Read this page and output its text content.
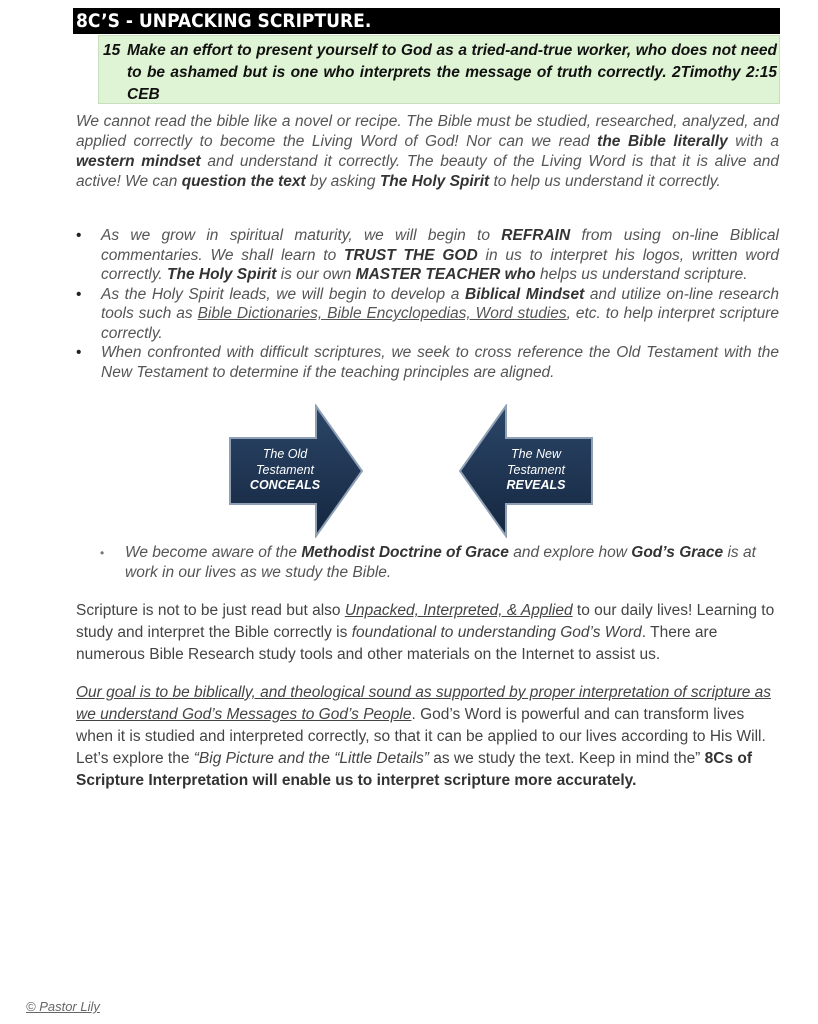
8C’S - UNPACKING SCRIPTURE.
15 Make an effort to present yourself to God as a tried-and-true worker, who does not need to be ashamed but is one who interprets the message of truth correctly. 2Timothy 2:15 CEB
We cannot read the bible like a novel or recipe. The Bible must be studied, researched, analyzed, and applied correctly to become the Living Word of God! Nor can we read the Bible literally with a western mindset and understand it correctly. The beauty of the Living Word is that it is alive and active! We can question the text by asking The Holy Spirit to help us understand it correctly.
• As we grow in spiritual maturity, we will begin to REFRAIN from using on-line Biblical commentaries. We shall learn to TRUST THE GOD in us to interpret his logos, written word correctly. The Holy Spirit is our own MASTER TEACHER who helps us understand scripture.
• As the Holy Spirit leads, we will begin to develop a Biblical Mindset and utilize on-line research tools such as Bible Dictionaries, Bible Encyclopedias, Word studies, etc. to help interpret scripture correctly.
• When confronted with difficult scriptures, we seek to cross reference the Old Testament with the New Testament to determine if the teaching principles are aligned.
The Old
Testament
CONCEALS
The New
Testament
REVEALS
• We become aware of the Methodist Doctrine of Grace and explore how God’s Grace is at work in our lives as we study the Bible.
Scripture is not to be just read but also Unpacked, Interpreted, & Applied to our daily lives! Learning to study and interpret the Bible correctly is foundational to understanding God’s Word. There are numerous Bible Research study tools and other materials on the Internet to assist us.
Our goal is to be biblically, and theological sound as supported by proper interpretation of scripture as we understand God’s Messages to God’s People. God’s Word is powerful and can transform lives when it is studied and interpreted correctly, so that it can be applied to our lives according to His Will. Let’s explore the “Big Picture and the “Little Details” as we study the text. Keep in mind the” 8Cs of Scripture Interpretation will enable us to interpret scripture more accurately.
© Pastor Lily
